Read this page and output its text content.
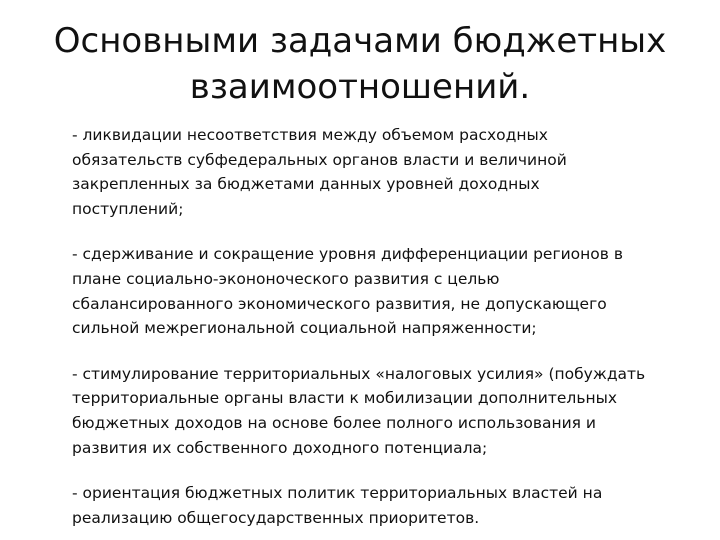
Основными задачами бюджетных
взаимоотношений.

- ликвидации несоответствия между объемом расходных
обязательств субфедеральных органов власти и величиной
закрепленных за бюджетами данных уровней доходных
поступлений;

- сдерживание и сокращение уровня дифференциации регионов в
плане социально-экононоческого развития с целью
сбалансированного экономического развития, не допускающего
сильной межрегиональной социальной напряженности;

- стимулирование территориальных «налоговых усилия» (побуждать
территориальные органы власти к мобилизации дополнительных
бюджетных доходов на основе более полного использования и
развития их собственного доходного потенциала;

- ориентация бюджетных политик территориальных властей на
реализацию общегосударственных приоритетов.
